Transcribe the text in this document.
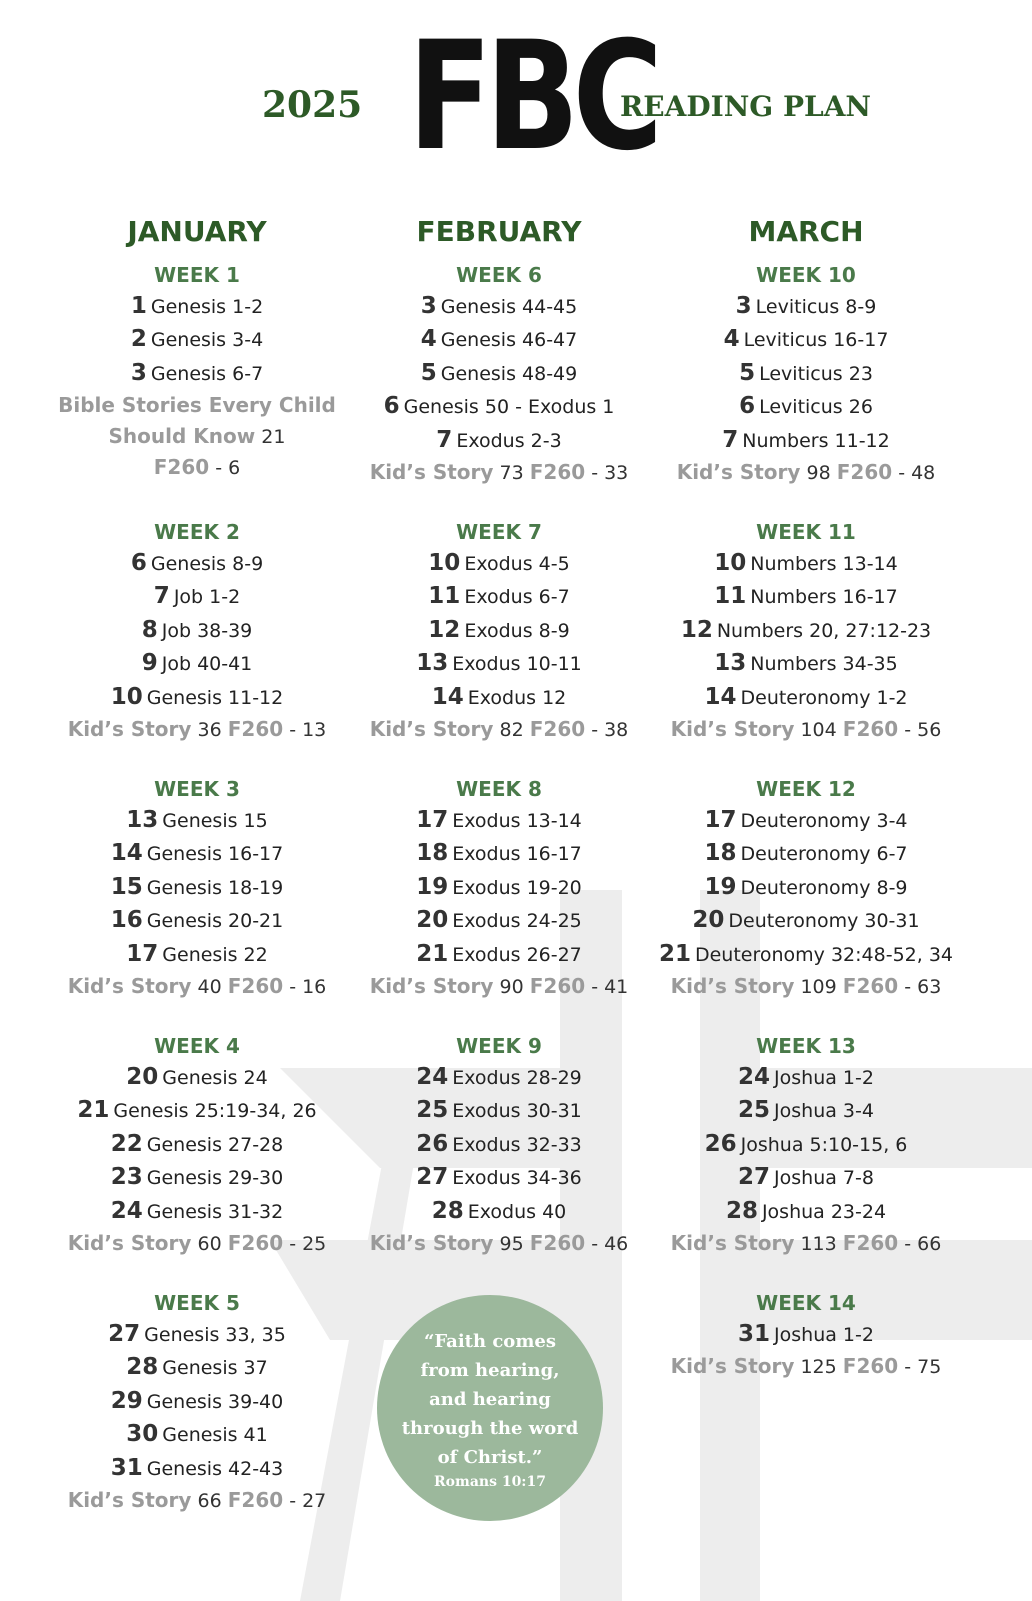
2025 FBC
READING PLAN
JANUARY
WEEK 1
1 Genesis 1-2
2 Genesis 3-4
3 Genesis 6-7
Bible Stories Every Child
Should Know 21
F260 - 6
WEEK 2
6 Genesis 8-9
7 Job 1-2
8 Job 38-39
9 Job 40-41
10 Genesis 11-12
Kid’s Story 36 F260 - 13
WEEK 3
13 Genesis 15
14 Genesis 16-17
15 Genesis 18-19
16 Genesis 20-21
17 Genesis 22
Kid’s Story 40 F260 - 16
WEEK 4
20 Genesis 24
21 Genesis 25:19-34, 26
22 Genesis 27-28
23 Genesis 29-30
24 Genesis 31-32
Kid’s Story 60 F260 - 25
WEEK 5
27 Genesis 33, 35
28 Genesis 37
29 Genesis 39-40
30 Genesis 41
31 Genesis 42-43
Kid’s Story 66 F260 - 27
FEBRUARY
WEEK 6
3 Genesis 44-45
4 Genesis 46-47
5 Genesis 48-49
6 Genesis 50 - Exodus 1
7 Exodus 2-3
Kid’s Story 73 F260 - 33
WEEK 7
10 Exodus 4-5
11 Exodus 6-7
12 Exodus 8-9
13 Exodus 10-11
14 Exodus 12
Kid’s Story 82 F260 - 38
WEEK 8
17 Exodus 13-14
18 Exodus 16-17
19 Exodus 19-20
20 Exodus 24-25
21 Exodus 26-27
Kid’s Story 90 F260 - 41
WEEK 9
24 Exodus 28-29
25 Exodus 30-31
26 Exodus 32-33
27 Exodus 34-36
28 Exodus 40
Kid’s Story 95 F260 - 46
MARCH
WEEK 10
3 Leviticus 8-9
4 Leviticus 16-17
5 Leviticus 23
6 Leviticus 26
7 Numbers 11-12
Kid’s Story 98 F260 - 48
WEEK 11
10 Numbers 13-14
11 Numbers 16-17
12 Numbers 20, 27:12-23
13 Numbers 34-35
14 Deuteronomy 1-2
Kid’s Story 104 F260 - 56
WEEK 12
17 Deuteronomy 3-4
18 Deuteronomy 6-7
19 Deuteronomy 8-9
20 Deuteronomy 30-31
21 Deuteronomy 32:48-52, 34
Kid’s Story 109 F260 - 63
WEEK 13
24 Joshua 1-2
25 Joshua 3-4
26 Joshua 5:10-15, 6
27 Joshua 7-8
28 Joshua 23-24
Kid’s Story 113 F260 - 66
WEEK 14
31 Joshua 1-2
Kid’s Story 125 F260 - 75
“Faith comes
from hearing,
and hearing
through the word
of Christ.”
Romans 10:17
